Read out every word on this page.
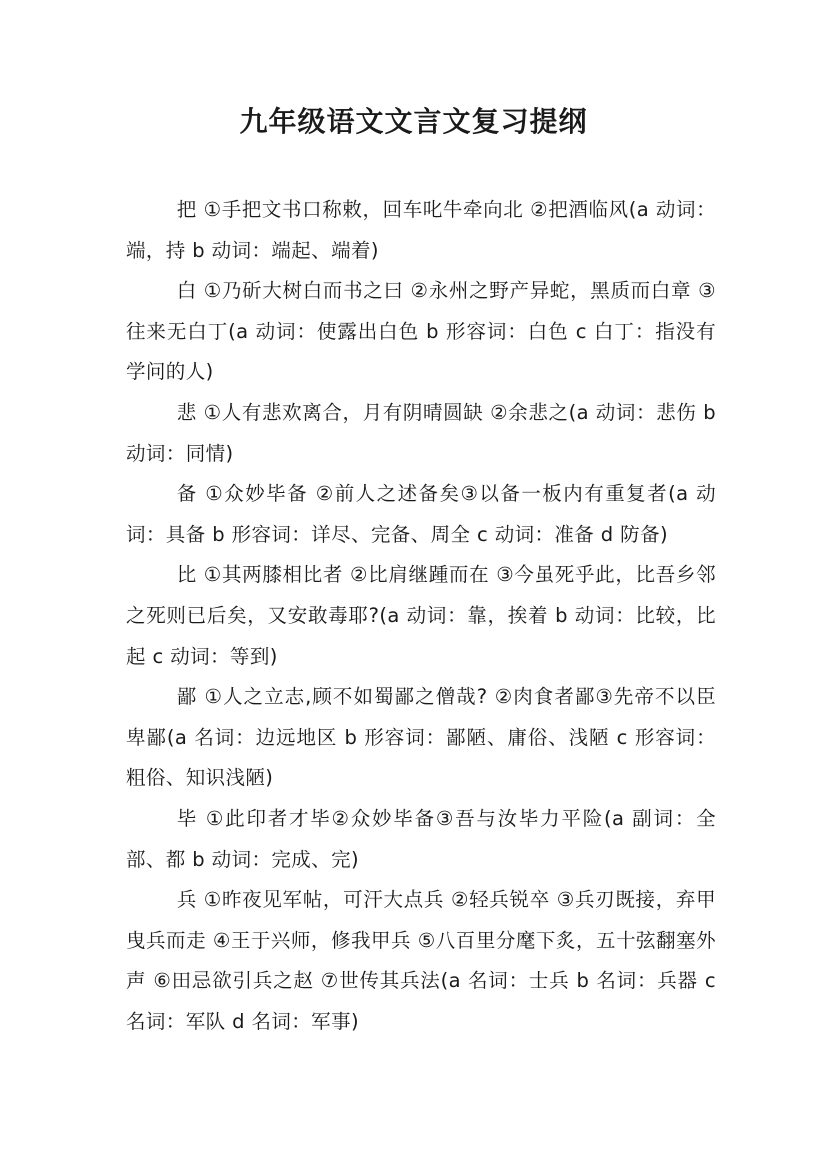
九年级语文文言文复习提纲

把 ①手把文书口称敕，回车叱牛牵向北 ②把酒临风(a 动词：端，持 b 动词：端起、端着)

白 ①乃斫大树白而书之曰 ②永州之野产异蛇，黑质而白章 ③往来无白丁(a 动词：使露出白色 b 形容词：白色 c 白丁：指没有学问的人)

悲 ①人有悲欢离合，月有阴晴圆缺 ②余悲之(a 动词：悲伤 b 动词：同情)

备 ①众妙毕备 ②前人之述备矣③以备一板内有重复者(a 动词：具备 b 形容词：详尽、完备、周全 c 动词：准备 d 防备)

比 ①其两膝相比者 ②比肩继踵而在 ③今虽死乎此，比吾乡邻之死则已后矣，又安敢毒耶?(a 动词：靠，挨着 b 动词：比较，比起 c 动词：等到)

鄙 ①人之立志,顾不如蜀鄙之僧哉? ②肉食者鄙③先帝不以臣卑鄙(a 名词：边远地区 b 形容词：鄙陋、庸俗、浅陋 c 形容词：粗俗、知识浅陋)

毕 ①此印者才毕②众妙毕备③吾与汝毕力平险(a 副词：全部、都 b 动词：完成、完)

兵 ①昨夜见军帖，可汗大点兵 ②轻兵锐卒 ③兵刃既接，弃甲曳兵而走 ④王于兴师，修我甲兵 ⑤八百里分麾下炙，五十弦翻塞外声 ⑥田忌欲引兵之赵 ⑦世传其兵法(a 名词：士兵 b 名词：兵器 c 名词：军队 d 名词：军事)
